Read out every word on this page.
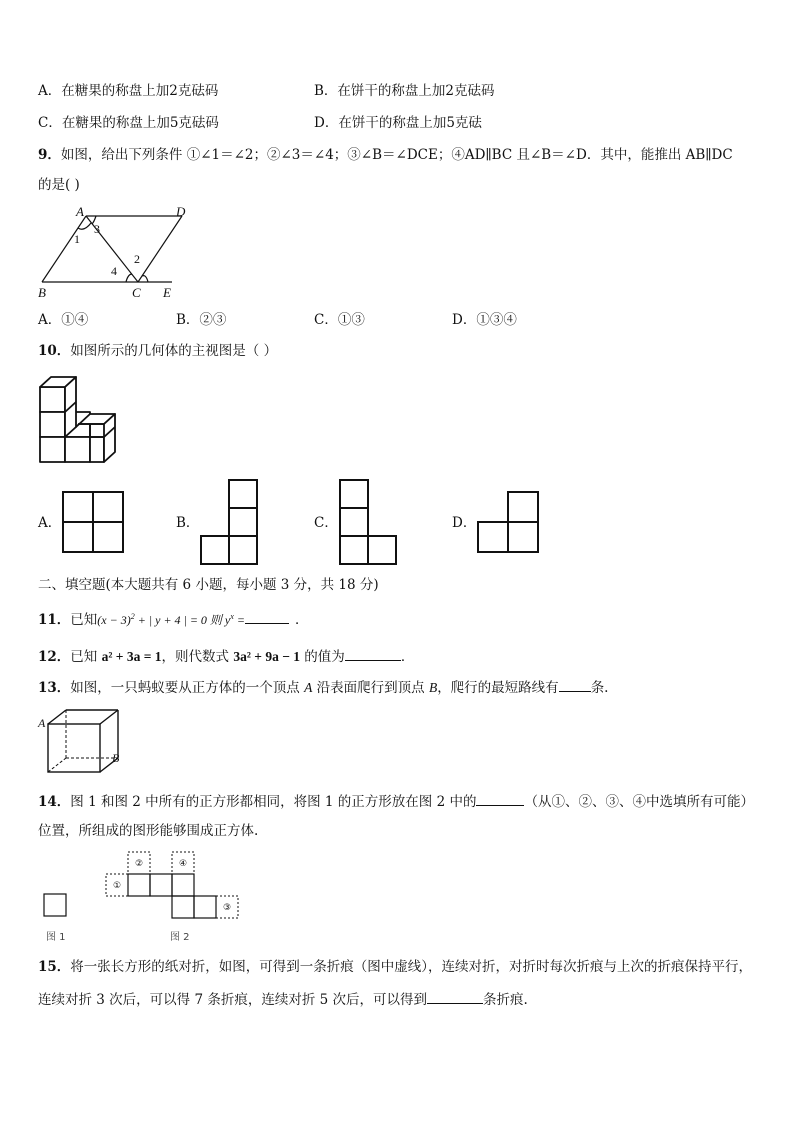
A．在糖果的称盘上加2克砝码	B．在饼干的称盘上加2克砝码
C．在糖果的称盘上加5克砝码	D．在饼干的称盘上加5克砝
9．如图，给出下列条件 ①∠1＝∠2；②∠3＝∠4；③∠B＝∠DCE；④AD∥BC 且∠B＝∠D．其中，能推出 AB∥DC
的是( )
A	D
B	C E
1
3
2
4
A．①④	B．②③	C．①③	D．①③④
10．如图所示的几何体的主视图是（ ）
A．	B．	C．	D．
二、填空题(本大题共有 6 小题，每小题 3 分，共 18 分)
11．已知$(x - 3)^2$ + | y + 4 | = 0 则 $y^x$ =	．
12．已知 a² + 3a = 1，则代数式 3a² + 9a − 1 的值为	．
13．如图，一只蚂蚁要从正方体的一个顶点 A 沿表面爬行到顶点 B，爬行的最短路线有 条.
A
B
14．图 1 和图 2 中所有的正方形都相同，将图 1 的正方形放在图 2 中的	（从①、②、③、④中选填所有可能）
位置，所组成的图形能够围成正方体.
图 1
①
②
③
④
图 2
15．将一张长方形的纸对折，如图，可得到一条折痕（图中虚线），连续对折，对折时每次折痕与上次的折痕保持平行，
连续对折 3 次后，可以得 7 条折痕，连续对折 5 次后，可以得到	条折痕.
